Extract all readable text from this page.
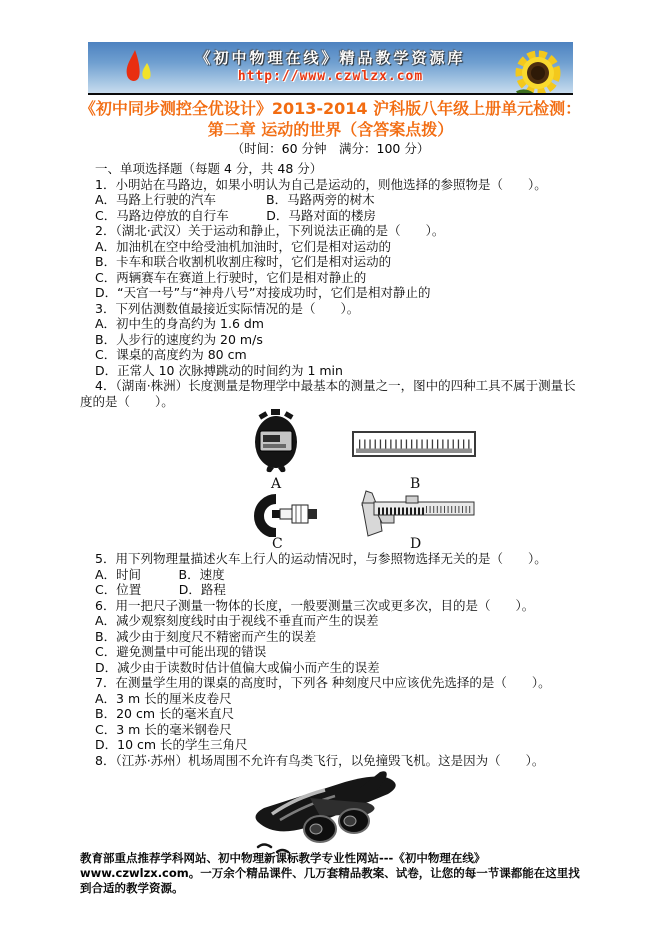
《初中物理在线》精品教学资源库
http://www.czwlzx.com
《初中同步测控全优设计》2013-2014 沪科版八年级上册单元检测：
第二章 运动的世界（含答案点拨）
（时间：60 分钟　满分：100 分）
一、单项选择题（每题 4 分，共 48 分）
1．小明站在马路边，如果小明认为自己是运动的，则他选择的参照物是（　　）。
A．马路上行驶的汽车　　　　B．马路两旁的树木
C．马路边停放的自行车　　　D．马路对面的楼房
2．（湖北·武汉）关于运动和静止，下列说法正确的是（　　）。
A．加油机在空中给受油机加油时，它们是相对运动的
B．卡车和联合收割机收割庄稼时，它们是相对运动的
C．两辆赛车在赛道上行驶时，它们是相对静止的
D．“天宫一号”与“神舟八号”对接成功时，它们是相对静止的
3．下列估测数值最接近实际情况的是（　　）。
A．初中生的身高约为 1.6 dm
B．人步行的速度约为 20 m/s
C．课桌的高度约为 80 cm
D．正常人 10 次脉搏跳动的时间约为 1 min
4．（湖南·株洲）长度测量是物理学中最基本的测量之一，图中的四种工具不属于测量长度的是（　　）。
A	B
C	D
5．用下列物理量描述火车上行人的运动情况时，与参照物选择无关的是（　　）。
A．时间　　　B．速度
C．位置　　　D．路程
6．用一把尺子测量一物体的长度，一般要测量三次或更多次，目的是（　　）。
A．减少观察刻度线时由于视线不垂直而产生的误差
B．减少由于刻度尺不精密而产生的误差
C．避免测量中可能出现的错误
D．减少由于读数时估计值偏大或偏小而产生的误差
7．在测量学生用的课桌的高度时，下列各 种刻度尺中应该优先选择的是（　　）。
A．3 m 长的厘米皮卷尺
B．20 cm 长的毫米直尺
C．3 m 长的毫米钢卷尺
D．10 cm 长的学生三角尺
8．（江苏·苏州）机场周围不允许有鸟类飞行，以免撞毁飞机。这是因为（　　）。
教育部重点推荐学科网站、初中物理新课标教学专业性网站---《初中物理在线》www.czwlzx.com。一万余个精品课件、几万套精品教案、试卷，让您的每一节课都能在这里找到合适的教学资源。
